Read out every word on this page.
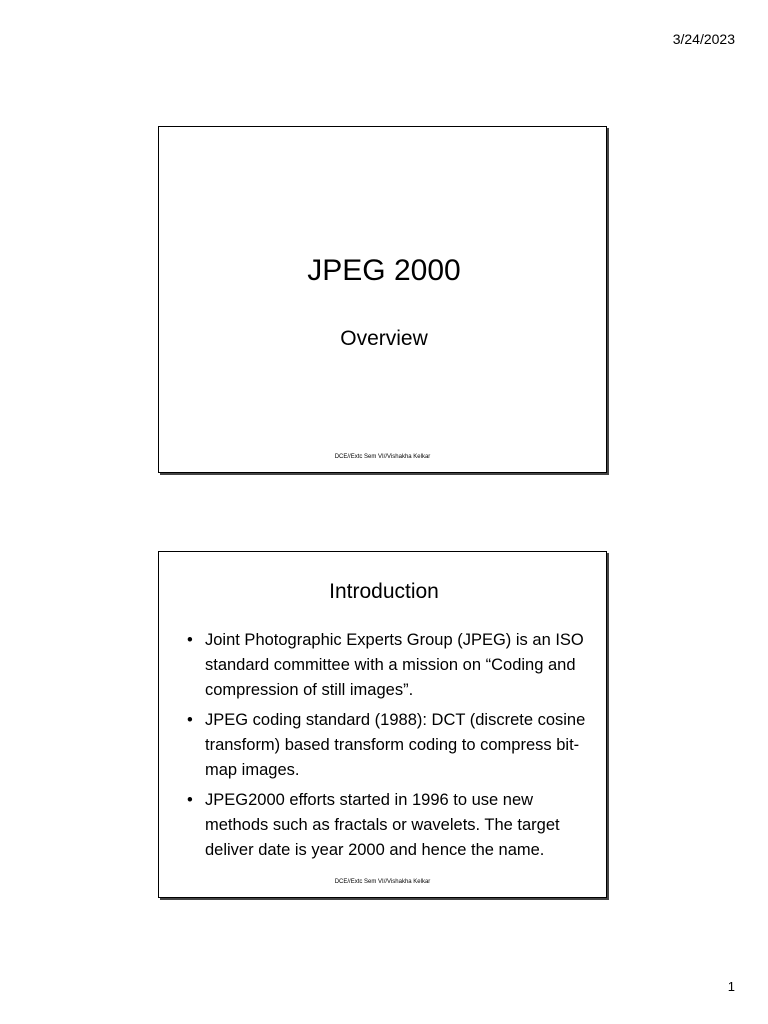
3/24/2023
DCE//Extc Sem VI//Vishakha Kelkar
JPEG 2000
Overview
DCE//Extc Sem VI//Vishakha Kelkar
Introduction
• Joint Photographic Experts Group (JPEG) is an ISO standard committee with a mission on “Coding and compression of still images”.
• JPEG coding standard (1988): DCT (discrete cosine transform) based transform coding to compress bit-map images.
• JPEG2000 efforts started in 1996 to use new methods such as fractals or wavelets. The target deliver date is year 2000 and hence the name.
1
